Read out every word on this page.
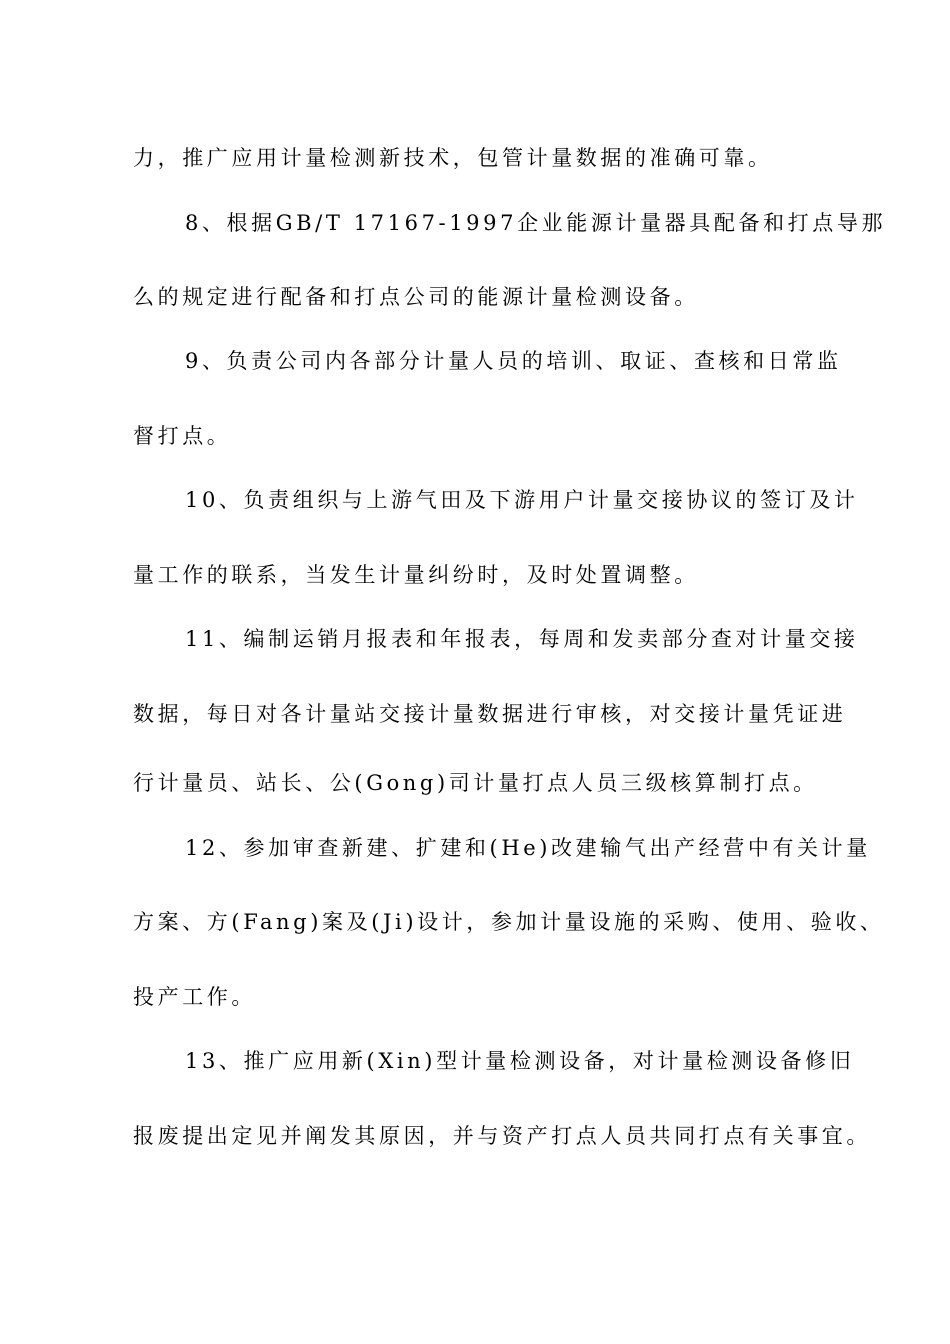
力，推广应用计量检测新技术，包管计量数据的准确可靠。
8、根据GB/T 17167-1997企业能源计量器具配备和打点导那
么的规定进行配备和打点公司的能源计量检测设备。
9、负责公司内各部分计量人员的培训、取证、查核和日常监
督打点。
10、负责组织与上游气田及下游用户计量交接协议的签订及计
量工作的联系，当发生计量纠纷时，及时处置调整。
11、编制运销月报表和年报表，每周和发卖部分查对计量交接
数据，每日对各计量站交接计量数据进行审核，对交接计量凭证进
行计量员、站长、公(Gong)司计量打点人员三级核算制打点。
12、参加审查新建、扩建和(He)改建输气出产经营中有关计量
方案、方(Fang)案及(Ji)设计，参加计量设施的采购、使用、验收、
投产工作。
13、推广应用新(Xin)型计量检测设备，对计量检测设备修旧
报废提出定见并阐发其原因，并与资产打点人员共同打点有关事宜。
